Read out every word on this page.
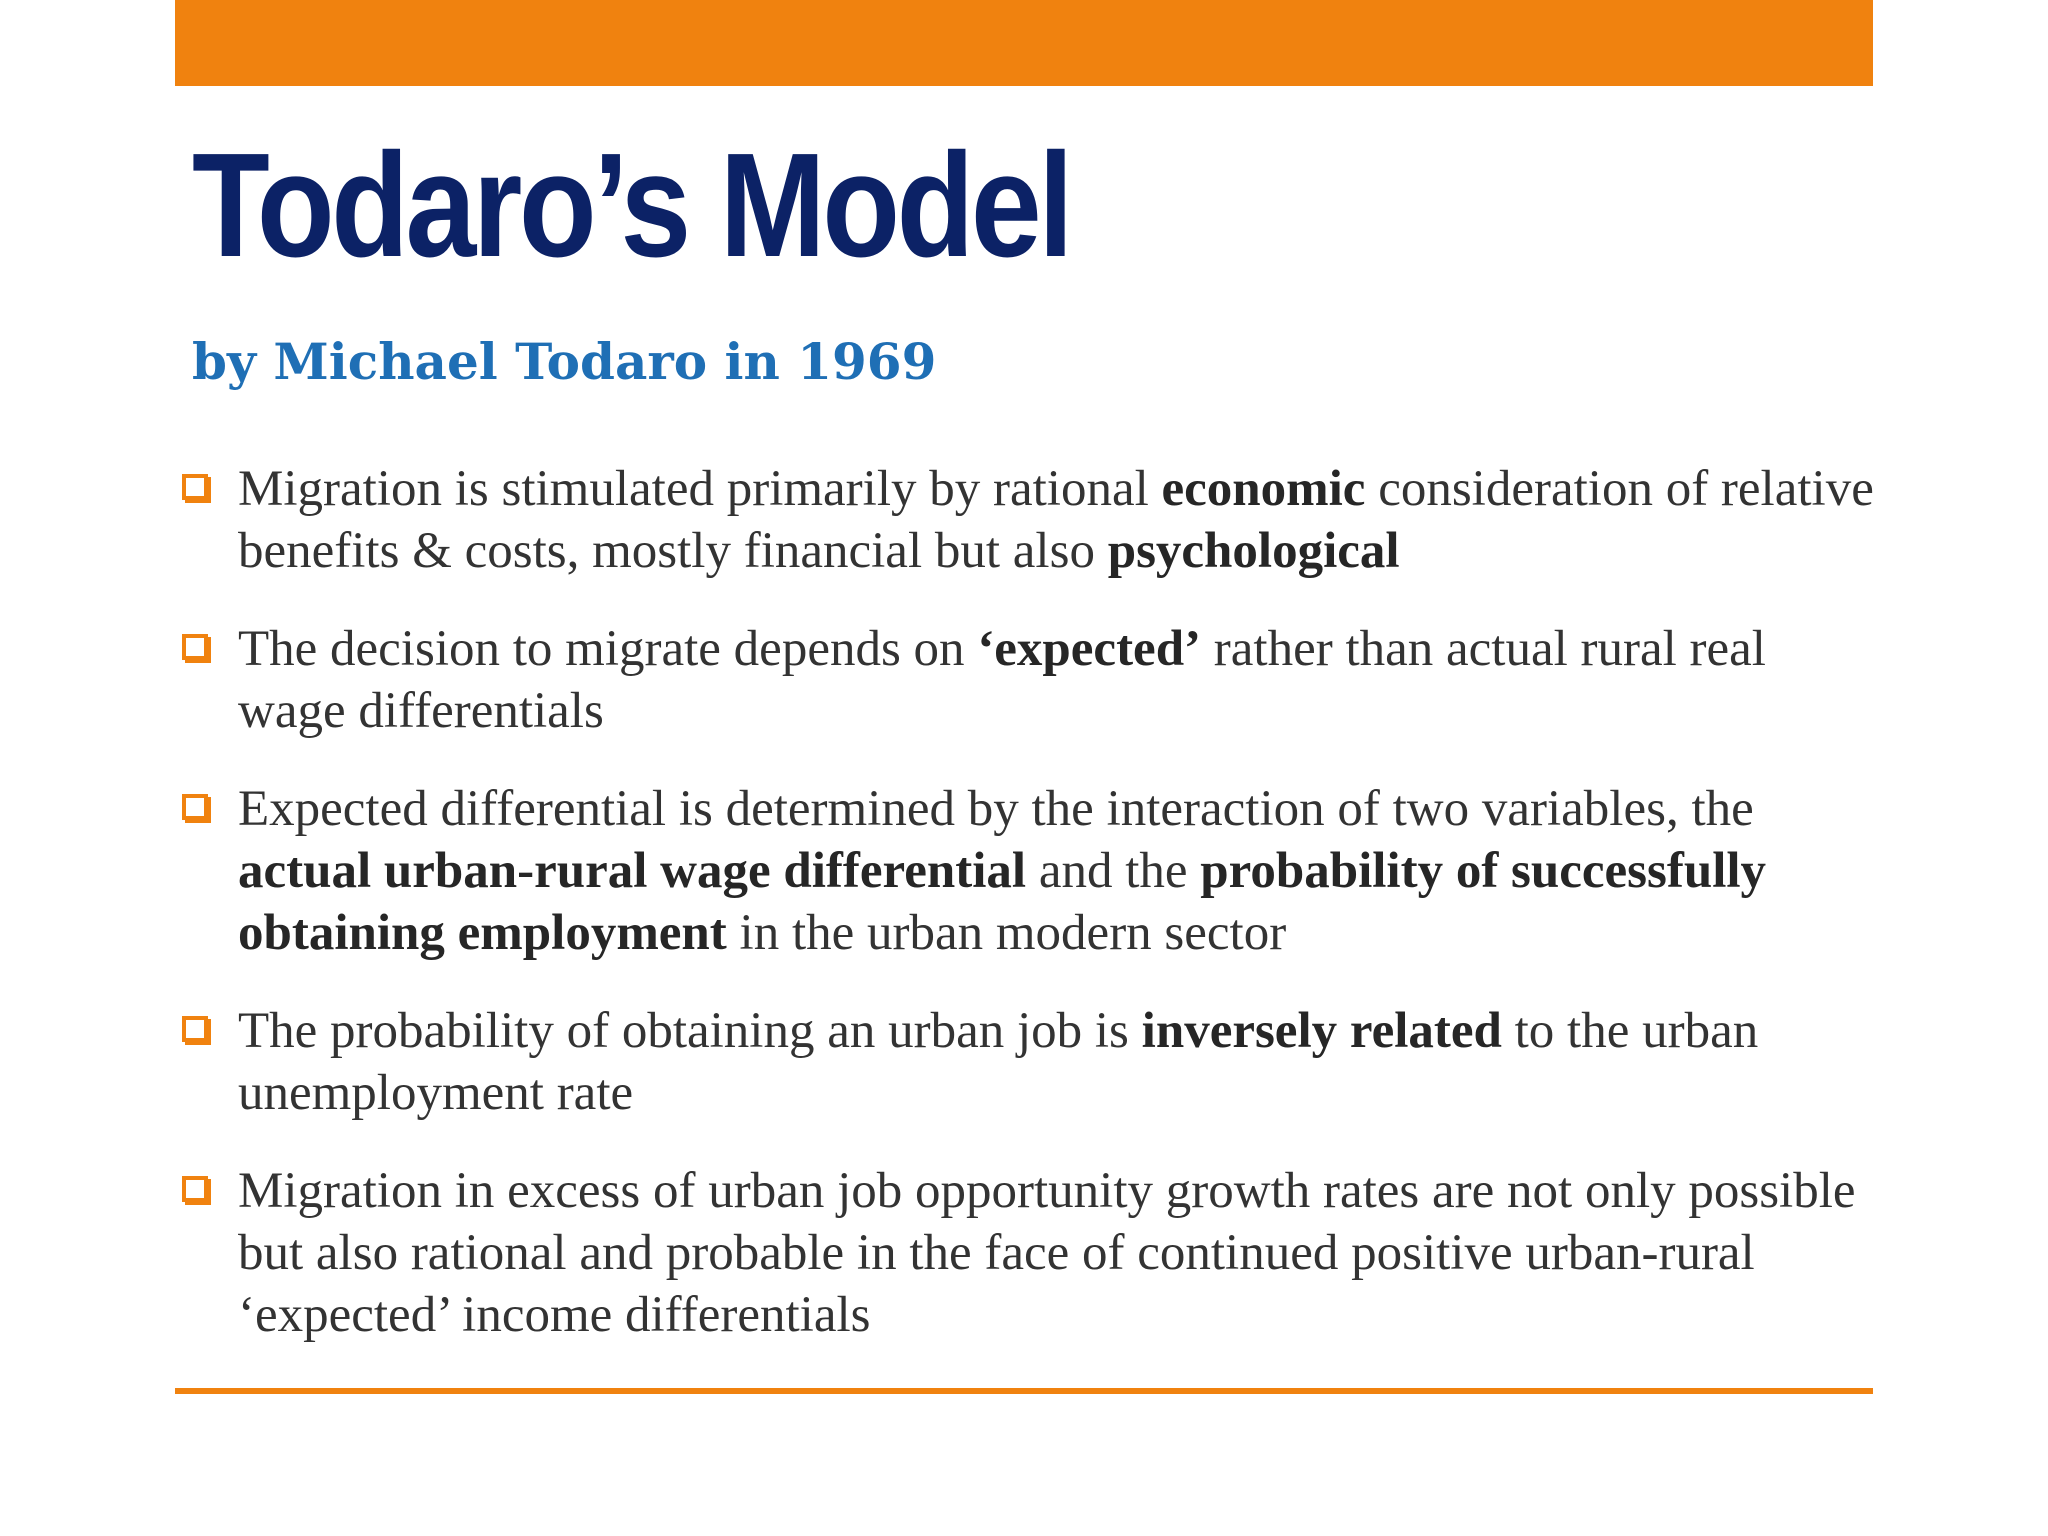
Todaro’s Model

by Michael Todaro in 1969

Migration is stimulated primarily by rational economic consideration of relative benefits & costs, mostly financial but also psychological
The decision to migrate depends on ‘expected’ rather than actual rural real wage differentials
Expected differential is determined by the interaction of two variables, the actual urban-rural wage differential and the probability of successfully obtaining employment in the urban modern sector
The probability of obtaining an urban job is inversely related to the urban unemployment rate
Migration in excess of urban job opportunity growth rates are not only possible but also rational and probable in the face of continued positive urban-rural ‘expected’ income differentials
